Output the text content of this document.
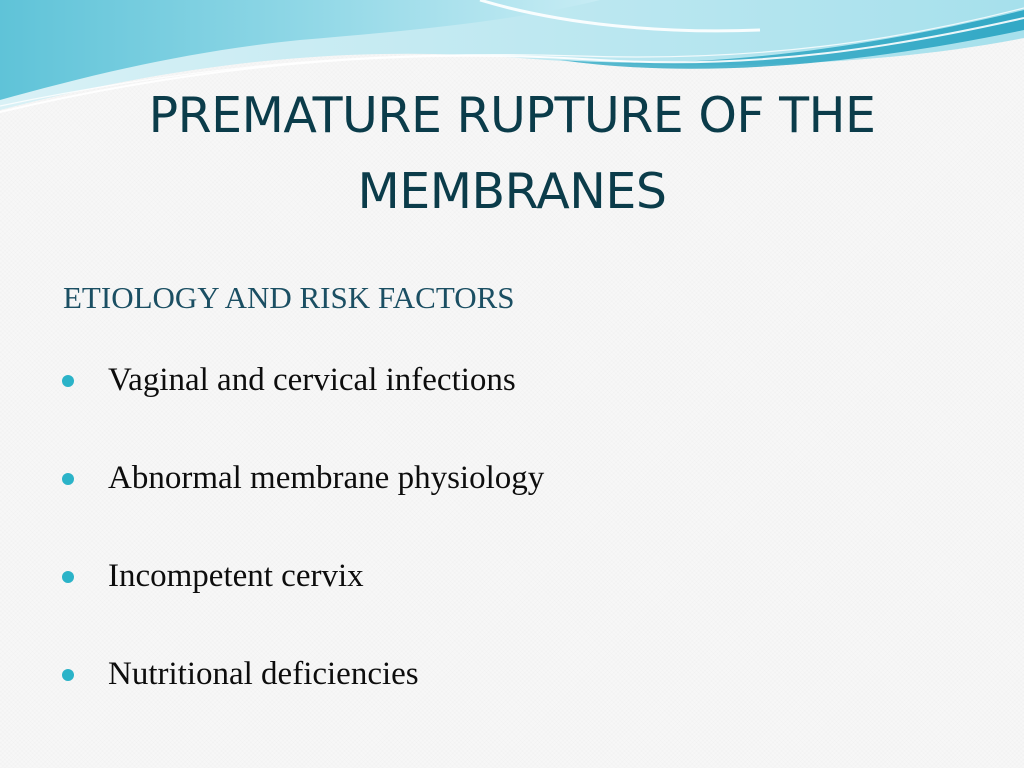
PREMATURE RUPTURE OF THE MEMBRANES

ETIOLOGY AND RISK FACTORS

Vaginal and cervical infections
Abnormal membrane physiology
Incompetent cervix
Nutritional deficiencies
